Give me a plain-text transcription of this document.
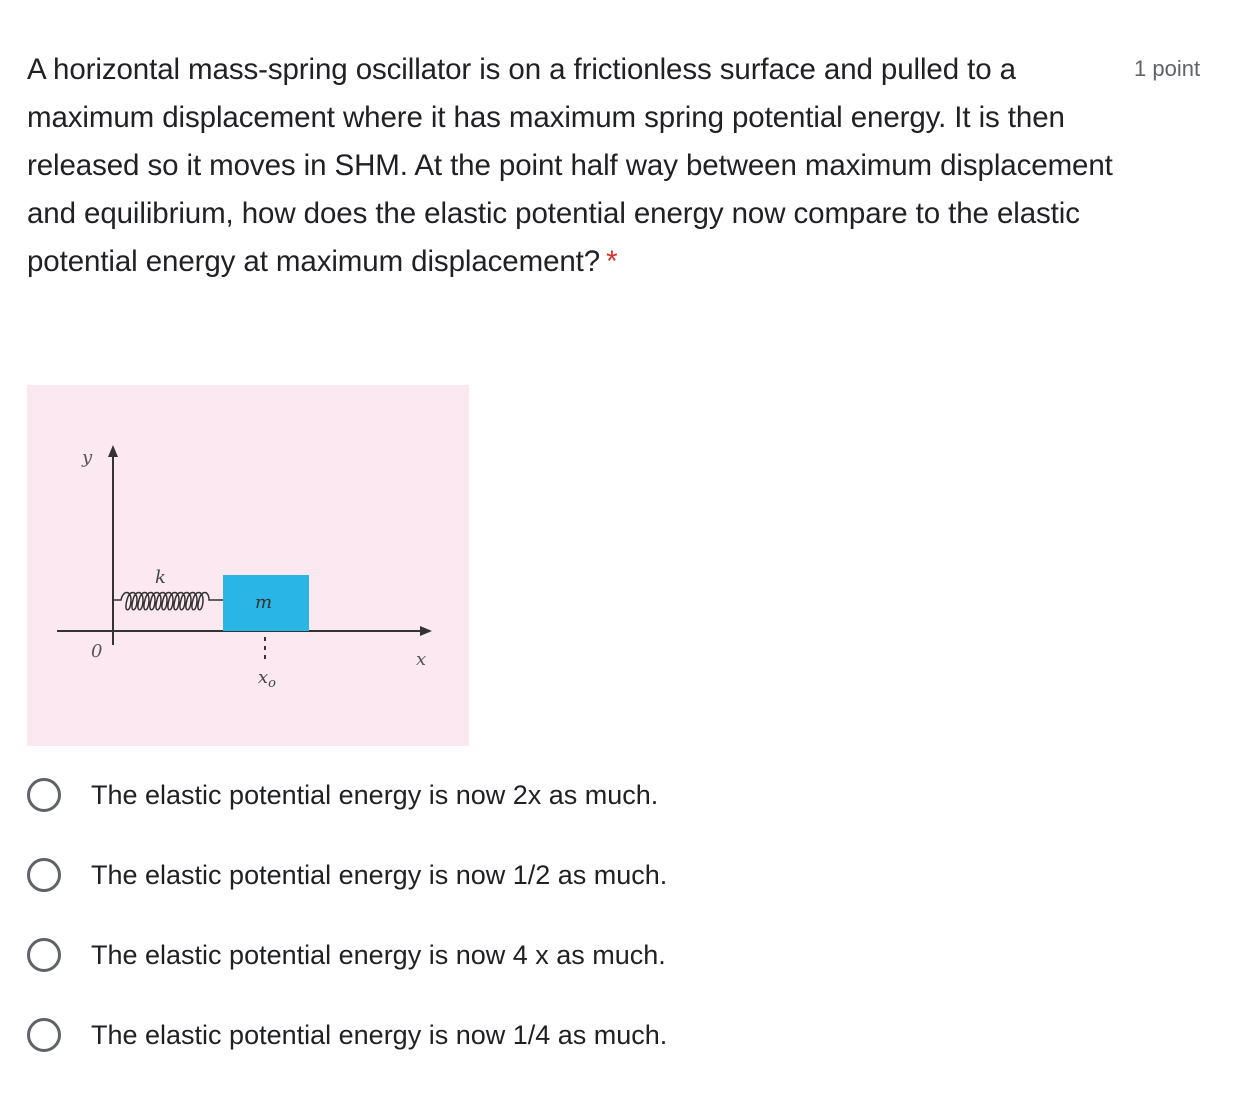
A horizontal mass-spring oscillator is on a frictionless surface and pulled to a maximum displacement where it has maximum spring potential energy. It is then released so it moves in SHM. At the point half way between maximum displacement and equilibrium, how does the elastic potential energy now compare to the elastic potential energy at maximum displacement? *
1 point
y
x
0
k
m
$x_o$
The elastic potential energy is now 2x as much.
The elastic potential energy is now 1/2 as much.
The elastic potential energy is now 4 x as much.
The elastic potential energy is now 1/4 as much.
